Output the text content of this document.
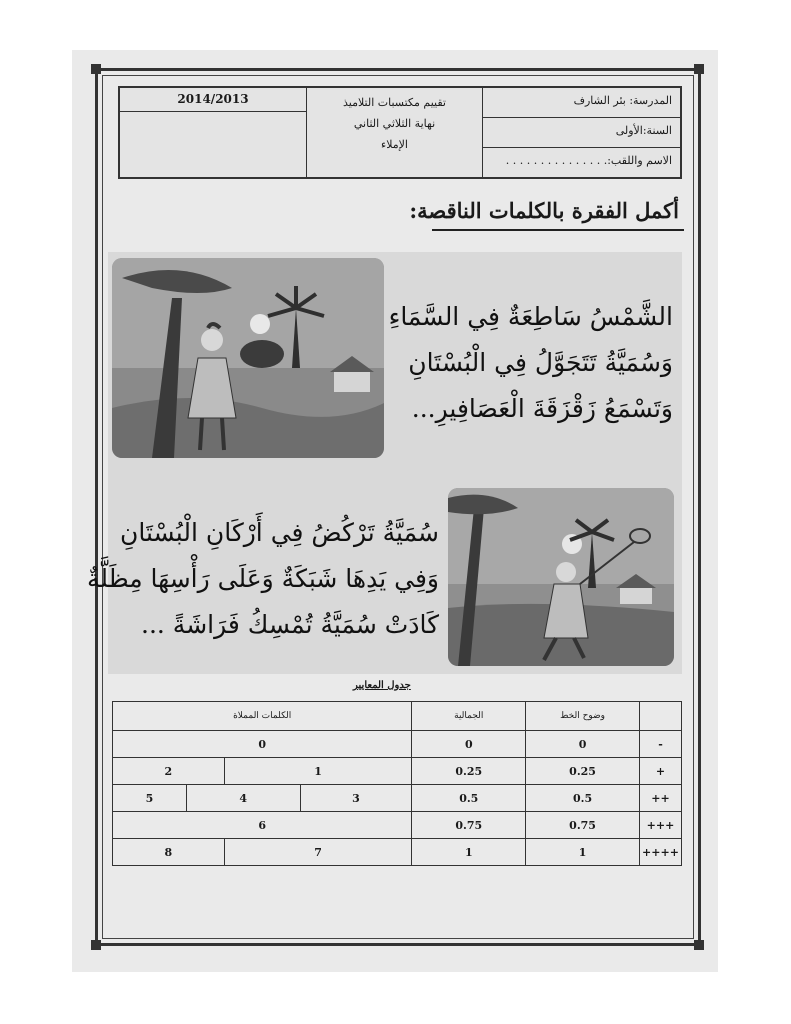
2014/2013	تقييم مكتسبات التلاميذ
نهاية الثلاثي الثاني
الإملاء
المدرسة: بئر الشارف
السنة:الأولى
الاسم واللقب:. . . . . . . . . . . . . . .
أكمل الفقرة بالكلمات الناقصة:
الشَّمْسُ سَاطِعَةٌ فِي السَّمَاءِ
وَسُمَيَّةُ تَتَجَوَّلُ فِي الْبُسْتَانِ
وَتَسْمَعُ زَقْزَقَةَ الْعَصَافِيرِ...
سُمَيَّةُ تَرْكُضُ فِي أَرْكَانِ الْبُسْتَانِ
وَفِي يَدِهَا شَبَكَةٌ وَعَلَى رَأْسِهَا مِظَلَّةٌ
كَادَتْ سُمَيَّةُ تُمْسِكُ فَرَاشَةً ...
جدول المعايير
الكلمات المملاة				الجمالية	وضوح الخط	
0				0	0	-
2		1		0.25	0.25	+
5	4		3	0.5	0.5	++
6				0.75	0.75	+++
8		7		1	1	++++
